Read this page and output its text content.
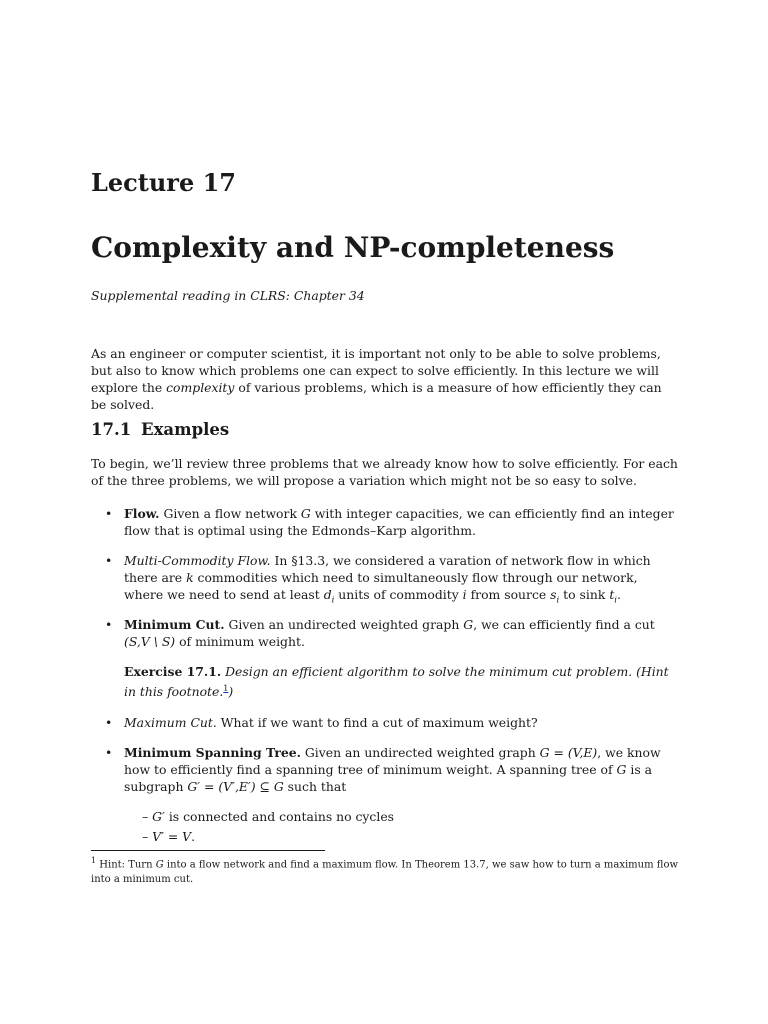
Lecture 17
Complexity and NP-completeness
Supplemental reading in CLRS: Chapter 34
As an engineer or computer scientist, it is important not only to be able to solve problems, but also to know which problems one can expect to solve efficiently. In this lecture we will explore the complexity of various problems, which is a measure of how efficiently they can be solved.
17.1 Examples
To begin, we’ll review three problems that we already know how to solve efficiently. For each of the three problems, we will propose a variation which might not be so easy to solve.
• Flow. Given a flow network G with integer capacities, we can efficiently find an integer flow that is optimal using the Edmonds–Karp algorithm.
• Multi-Commodity Flow. In §13.3, we considered a varation of network flow in which there are k commodities which need to simultaneously flow through our network, where we need to send at least $d_i$ units of commodity i from source $s_i$ to sink $t_i$.
• Minimum Cut. Given an undirected weighted graph G, we can efficiently find a cut (S,V \ S) of minimum weight.
Exercise 17.1. Design an efficient algorithm to solve the minimum cut problem. (Hint in this footnote.$^1$)
• Maximum Cut. What if we want to find a cut of maximum weight?
• Minimum Spanning Tree. Given an undirected weighted graph G = (V,E), we know how to efficiently find a spanning tree of minimum weight. A spanning tree of G is a subgraph G′ = (V′,E′) ⊆ G such that
– G′ is connected and contains no cycles
– V′ = V.
$^1$ Hint: Turn G into a flow network and find a maximum flow. In Theorem 13.7, we saw how to turn a maximum flow into a minimum cut.
